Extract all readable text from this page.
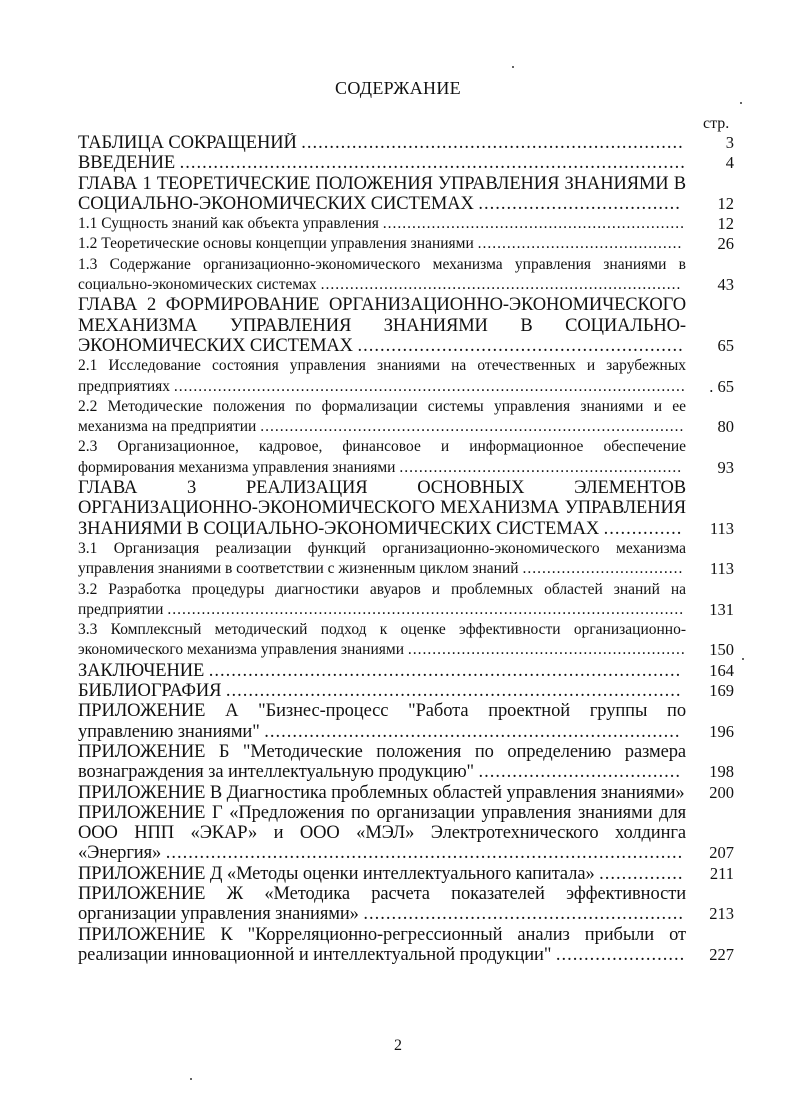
СОДЕРЖАНИЕ
стр.
ТАБЛИЦА СОКРАЩЕНИЙ ....................................................................	3
ВВЕДЕНИЕ ..........................................................................................	4
ГЛАВА 1 ТЕОРЕТИЧЕСКИЕ ПОЛОЖЕНИЯ УПРАВЛЕНИЯ ЗНАНИЯМИ В СОЦИАЛЬНО-ЭКОНОМИЧЕСКИХ СИСТЕМАХ ....................................	12
1.1 Сущность знаний как объекта управления ..............................................................	12
1.2 Теоретические основы концепции управления знаниями ..........................................	26
1.3 Содержание организационно-экономического механизма управления знаниями в социально-экономических системах ..........................................................................	43
ГЛАВА 2 ФОРМИРОВАНИЕ ОРГАНИЗАЦИОННО-ЭКОНОМИЧЕСКОГО МЕХАНИЗМА УПРАВЛЕНИЯ ЗНАНИЯМИ В СОЦИАЛЬНО-ЭКОНОМИЧЕСКИХ СИСТЕМАХ ..........................................................	65
2.1 Исследование состояния управления знаниями на отечественных и зарубежных предприятиях .........................................................................................................	. 65
2.2 Методические положения по формализации системы управления знаниями и ее механизма на предприятии .......................................................................................	80
2.3 Организационное, кадровое, финансовое и информационное обеспечение формирования механизма управления знаниями ..........................................................	93
ГЛАВА 3 РЕАЛИЗАЦИЯ ОСНОВНЫХ ЭЛЕМЕНТОВ ОРГАНИЗАЦИОННО-ЭКОНОМИЧЕСКОГО МЕХАНИЗМА УПРАВЛЕНИЯ ЗНАНИЯМИ В СОЦИАЛЬНО-ЭКОНОМИЧЕСКИХ СИСТЕМАХ ..............	113
3.1 Организация реализации функций организационно-экономического механизма управления знаниями в соответствии с жизненным циклом знаний .................................	113
3.2 Разработка процедуры диагностики авуаров и проблемных областей знаний на предприятии ..........................................................................................................	131
3.3 Комплексный методический подход к оценке эффективности организационно-экономического механизма управления знаниями .........................................................	150
ЗАКЛЮЧЕНИЕ ....................................................................................	164
БИБЛИОГРАФИЯ .................................................................................	169
ПРИЛОЖЕНИЕ А "Бизнес-процесс "Работа проектной группы по управлению знаниями" ..........................................................................	196
ПРИЛОЖЕНИЕ Б "Методические положения по определению размера вознаграждения за интеллектуальную продукцию" ....................................	198
ПРИЛОЖЕНИЕ В Диагностика проблемных областей управления знаниями»	200
ПРИЛОЖЕНИЕ Г «Предложения по организации управления знаниями для ООО НПП «ЭКАР» и ООО «МЭЛ» Электротехнического холдинга «Энергия» ............................................................................................	207
ПРИЛОЖЕНИЕ Д «Методы оценки интеллектуального капитала» ...............	211
ПРИЛОЖЕНИЕ Ж «Методика расчета показателей эффективности организации управления знаниями» .........................................................	213
ПРИЛОЖЕНИЕ К "Корреляционно-регрессионный анализ прибыли от реализации инновационной и интеллектуальной продукции" .......................	227
2
